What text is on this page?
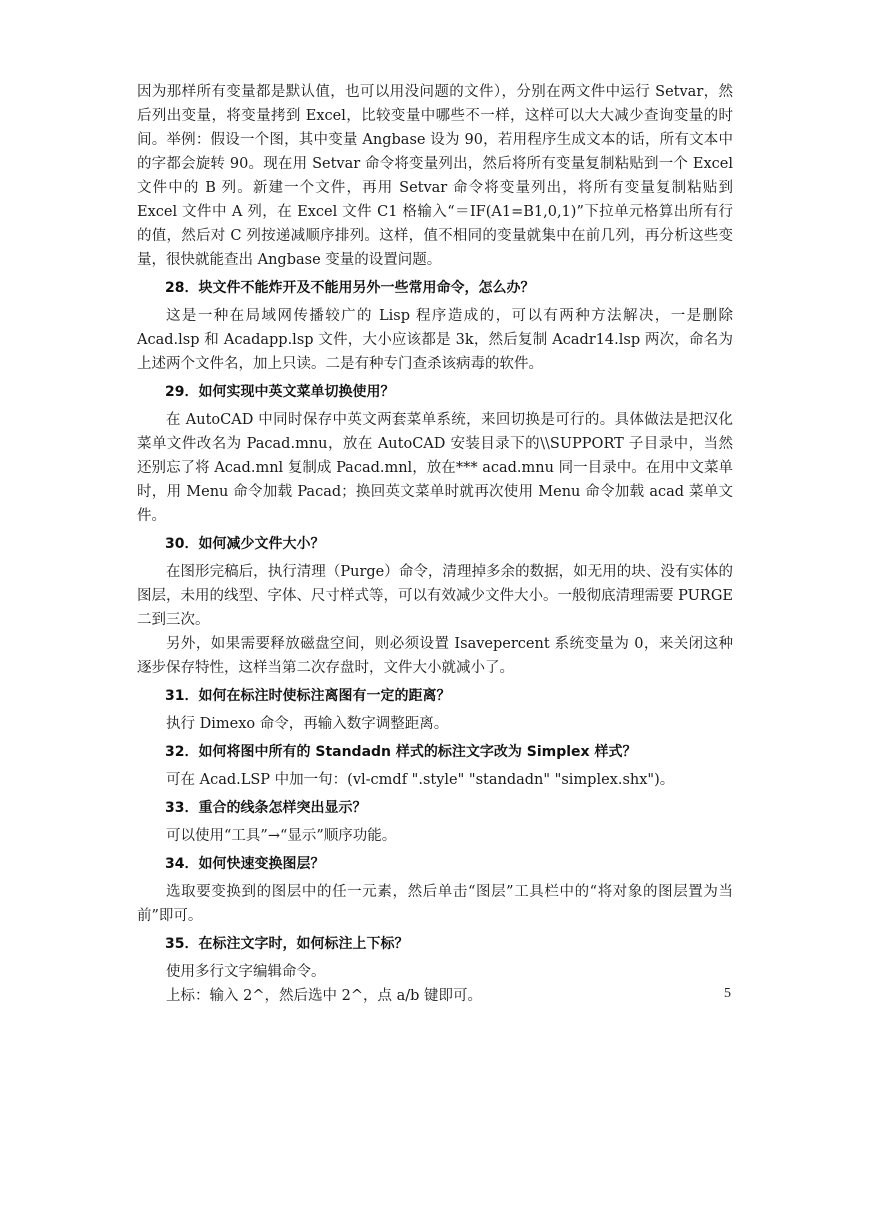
因为那样所有变量都是默认值，也可以用没问题的文件），分别在两文件中运行 Setvar，然后列出变量，将变量拷到 Excel，比较变量中哪些不一样，这样可以大大减少查询变量的时间。举例：假设一个图，其中变量 Angbase 设为 90，若用程序生成文本的话，所有文本中的字都会旋转 90。现在用 Setvar 命令将变量列出，然后将所有变量复制粘贴到一个 Excel 文件中的 B 列。新建一个文件，再用 Setvar 命令将变量列出，将所有变量复制粘贴到 Excel 文件中 A 列，在 Excel 文件 C1 格输入“＝IF(A1=B1,0,1)”下拉单元格算出所有行的值，然后对 C 列按递减顺序排列。这样，值不相同的变量就集中在前几列，再分析这些变量，很快就能查出 Angbase 变量的设置问题。

28．块文件不能炸开及不能用另外一些常用命令，怎么办？

这是一种在局域网传播较广的 Lisp 程序造成的，可以有两种方法解决，一是删除 Acad.lsp 和 Acadapp.lsp 文件，大小应该都是 3k，然后复制 Acadr14.lsp 两次，命名为上述两个文件名，加上只读。二是有种专门查杀该病毒的软件。

29．如何实现中英文菜单切换使用？

在 AutoCAD 中同时保存中英文两套菜单系统，来回切换是可行的。具体做法是把汉化菜单文件改名为 Pacad.mnu，放在 AutoCAD 安装目录下的\\SUPPORT 子目录中，当然还别忘了将 Acad.mnl 复制成 Pacad.mnl，放在*** acad.mnu 同一目录中。在用中文菜单时，用 Menu 命令加载 Pacad；换回英文菜单时就再次使用 Menu 命令加载 acad 菜单文件。

30．如何减少文件大小？

在图形完稿后，执行清理（Purge）命令，清理掉多余的数据，如无用的块、没有实体的图层，未用的线型、字体、尺寸样式等，可以有效减少文件大小。一般彻底清理需要 PURGE 二到三次。

另外，如果需要释放磁盘空间，则必须设置 Isavepercent 系统变量为 0，来关闭这种逐步保存特性，这样当第二次存盘时，文件大小就减小了。

31．如何在标注时使标注离图有一定的距离？

执行 Dimexo 命令，再输入数字调整距离。

32．如何将图中所有的 Standadn 样式的标注文字改为 Simplex 样式？

可在 Acad.LSP 中加一句：(vl-cmdf ".style" "standadn" "simplex.shx")。

33．重合的线条怎样突出显示？

可以使用“工具”→“显示”顺序功能。

34．如何快速变换图层？

选取要变换到的图层中的任一元素，然后单击“图层”工具栏中的“将对象的图层置为当前”即可。

35．在标注文字时，如何标注上下标？

使用多行文字编辑命令。

上标：输入 2^，然后选中 2^，点 a/b 键即可。	5
